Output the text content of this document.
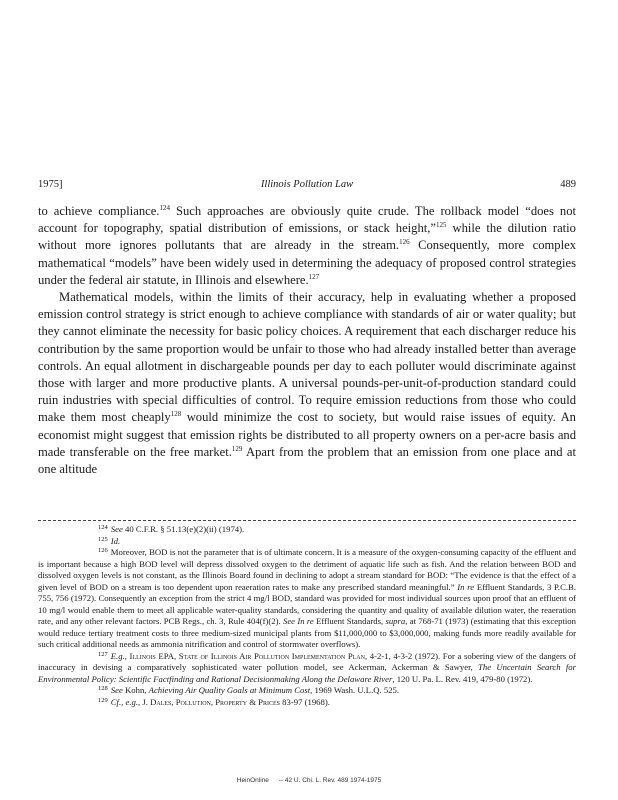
1975]	Illinois Pollution Law	489

to achieve compliance.$^{124}$ Such approaches are obviously quite crude. The rollback model “does not account for topography, spatial distribution of emissions, or stack height,”$^{125}$ while the dilution ratio without more ignores pollutants that are already in the stream.$^{126}$ Consequently, more complex mathematical “models” have been widely used in determining the adequacy of proposed control strategies under the federal air statute, in Illinois and elsewhere.$^{127}$

Mathematical models, within the limits of their accuracy, help in evaluating whether a proposed emission control strategy is strict enough to achieve compliance with standards of air or water quality; but they cannot eliminate the necessity for basic policy choices. A requirement that each discharger reduce his contribution by the same proportion would be unfair to those who had already installed better than average controls. An equal allotment in dischargeable pounds per day to each polluter would discriminate against those with larger and more productive plants. A universal pounds-per-unit-of-production standard could ruin industries with special difficulties of control. To require emission reductions from those who could make them most cheaply$^{128}$ would minimize the cost to society, but would raise issues of equity. An economist might suggest that emission rights be distributed to all property owners on a per-acre basis and made transferable on the free market.$^{129}$ Apart from the problem that an emission from one place and at one altitude

$^{124}$ See 40 C.F.R. § 51.13(e)(2)(ii) (1974).

$^{125}$ Id.

$^{126}$ Moreover, BOD is not the parameter that is of ultimate concern. It is a measure of the oxygen-consuming capacity of the effluent and is important because a high BOD level will depress dissolved oxygen to the detriment of aquatic life such as fish. And the relation between BOD and dissolved oxygen levels is not constant, as the Illinois Board found in declining to adopt a stream standard for BOD: “The evidence is that the effect of a given level of BOD on a stream is too dependent upon reaeration rates to make any prescribed standard meaningful.” In re Effluent Standards, 3 P.C.B. 755, 756 (1972). Consequently an exception from the strict 4 mg/l BOD, standard was provided for most individual sources upon proof that an effluent of 10 mg/l would enable them to meet all applicable water-quality standards, considering the quantity and quality of available dilution water, the reaeration rate, and any other relevant factors. PCB Regs., ch. 3, Rule 404(f)(2). See In re Effluent Standards, supra, at 768-71 (1973) (estimating that this exception would reduce tertiary treatment costs to three medium-sized municipal plants from $11,000,000 to $3,000,000, making funds more readily available for such critical additional needs as ammonia nitrification and control of stormwater overflows).

$^{127}$ E.g., Illinois EPA, State of Illinois Air Pollution Implementation Plan, 4-2-1, 4-3-2 (1972). For a sobering view of the dangers of inaccuracy in devising a comparatively sophisticated water pollution model, see Ackerman, Ackerman & Sawyer, The Uncertain Search for Environmental Policy: Scientific Factfinding and Rational Decisionmaking Along the Delaware River, 120 U. Pa. L. Rev. 419, 479-80 (1972).

$^{128}$ See Kohn, Achieving Air Quality Goals at Minimum Cost, 1969 Wash. U.L.Q. 525.

$^{129}$ Cf., e.g., J. Dales, Pollution, Property & Prices 83-97 (1968).

HeinOnline -- 42 U. Chi. L. Rev. 489 1974-1975
